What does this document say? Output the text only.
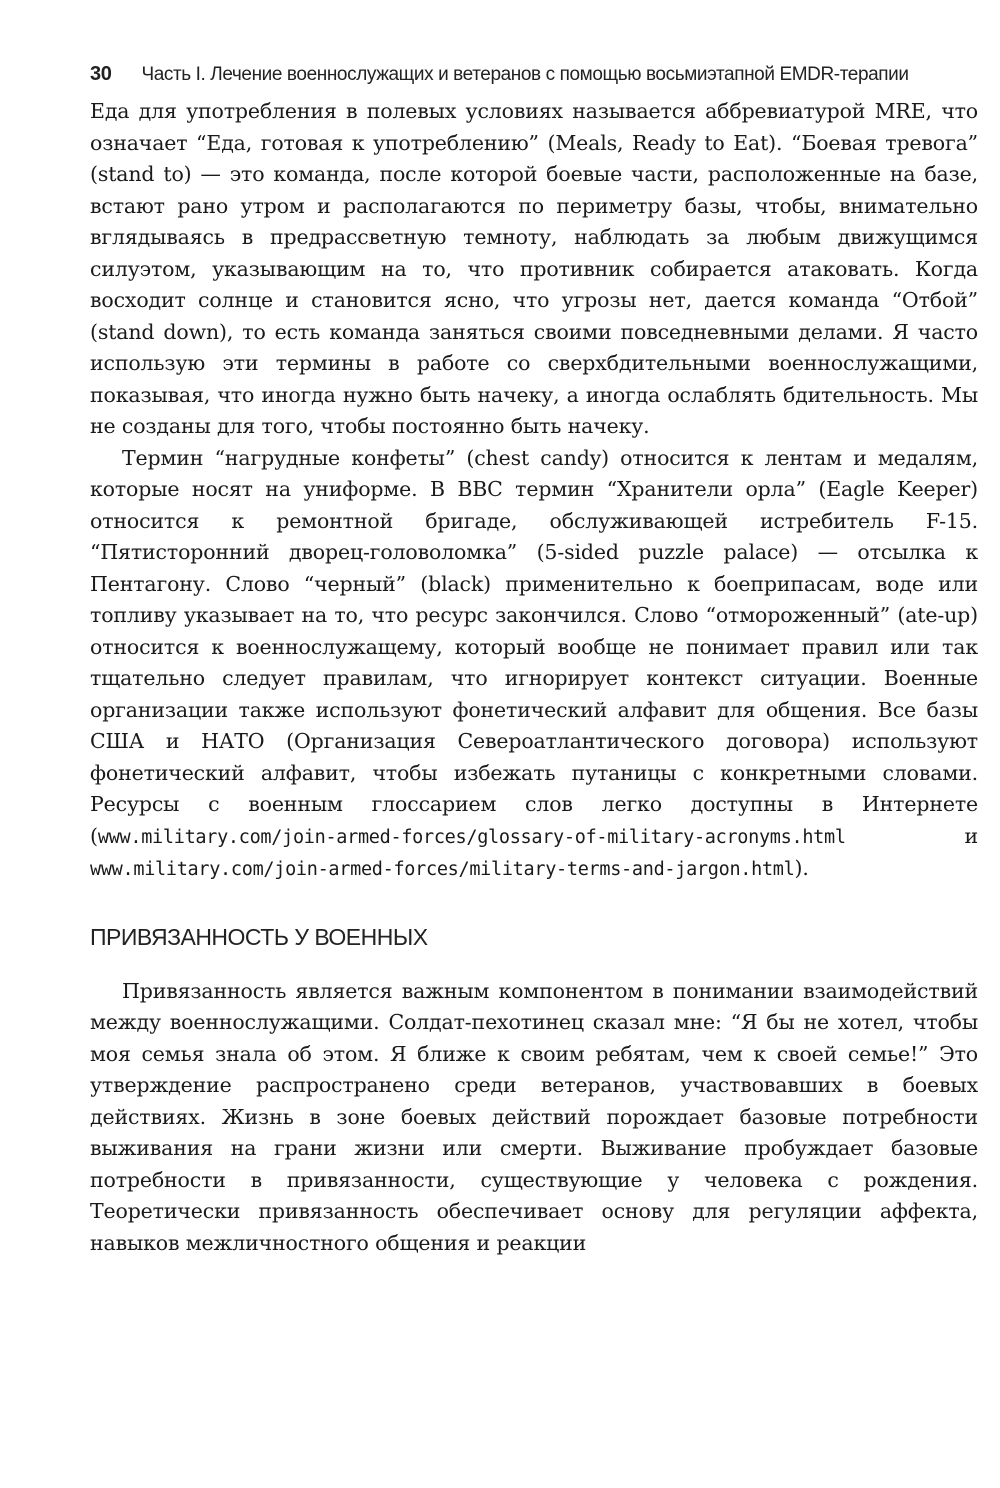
30 Часть I. Лечение военнослужащих и ветеранов с помощью восьмиэтапной EMDR-терапии

Еда для употребления в полевых условиях называется аббревиатурой MRE, что означает “Еда, готовая к употреблению” (Meals, Ready to Eat). “Боевая тревога” (stand to) — это команда, после которой боевые части, расположенные на базе, встают рано утром и располагаются по периметру базы, чтобы, внимательно вглядываясь в предрассветную темноту, наблюдать за любым движущимся силуэтом, указывающим на то, что противник собирается атаковать. Когда восходит солнце и становится ясно, что угрозы нет, дается команда “Отбой” (stand down), то есть команда заняться своими повседневными делами. Я часто использую эти термины в работе со сверхбдительными военнослужащими, показывая, что иногда нужно быть начеку, а иногда ослаблять бдительность. Мы не созданы для того, чтобы постоянно быть начеку.

Термин “нагрудные конфеты” (chest candy) относится к лентам и медалям, которые носят на униформе. В ВВС термин “Хранители орла” (Eagle Keeper) относится к ремонтной бригаде, обслуживающей истребитель F-15. “Пятисторонний дворец-головоломка” (5-sided puzzle palace) — отсылка к Пентагону. Слово “черный” (black) применительно к боеприпасам, воде или топливу указывает на то, что ресурс закончился. Слово “отмороженный” (ate-up) относится к военнослужащему, который вообще не понимает правил или так тщательно следует правилам, что игнорирует контекст ситуации. Военные организации также используют фонетический алфавит для общения. Все базы США и НАТО (Организация Североатлантического договора) используют фонетический алфавит, чтобы избежать путаницы с конкретными словами. Ресурсы с военным глоссарием слов легко доступны в Интернете (www.military.com/join-armed-forces/glossary-of-military-acronyms.html и www.military.com/join-armed-forces/military-terms-and-jargon.html).

ПРИВЯЗАННОСТЬ У ВОЕННЫХ

Привязанность является важным компонентом в понимании взаимодействий между военнослужащими. Солдат-пехотинец сказал мне: “Я бы не хотел, чтобы моя семья знала об этом. Я ближе к своим ребятам, чем к своей семье!” Это утверждение распространено среди ветеранов, участвовавших в боевых действиях. Жизнь в зоне боевых действий порождает базовые потребности выживания на грани жизни или смерти. Выживание пробуждает базовые потребности в привязанности, существующие у человека с рождения. Теоретически привязанность обеспечивает основу для регуляции аффекта, навыков межличностного общения и реакции
